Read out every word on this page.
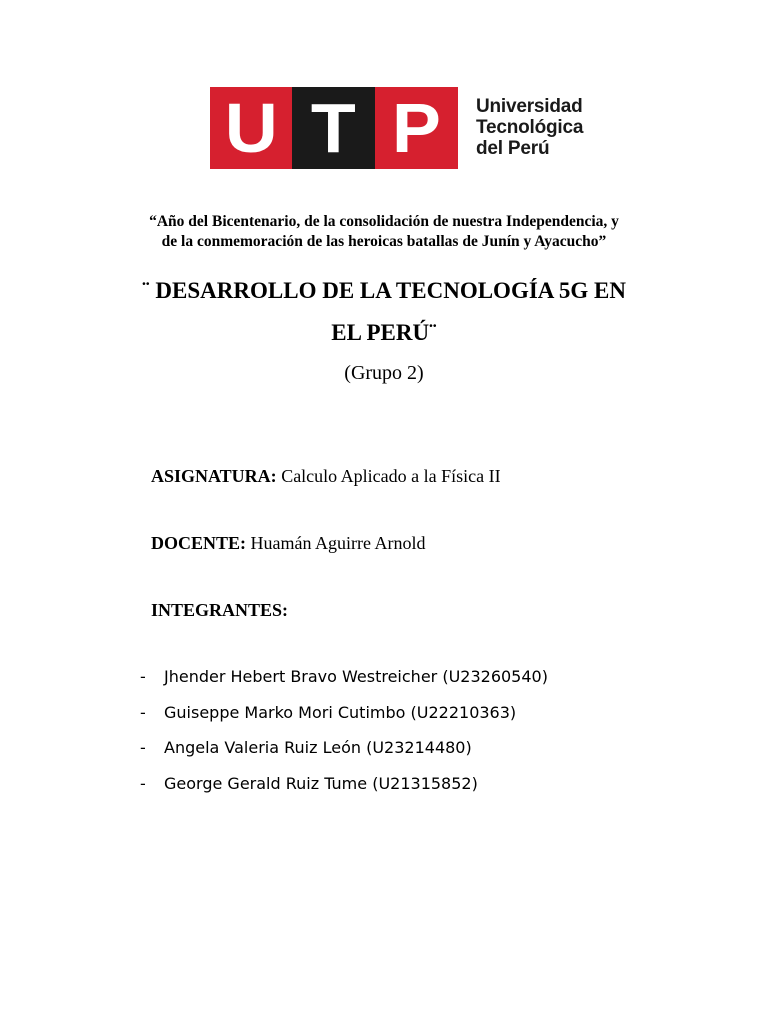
U T P Universidad
Tecnológica
del Perú
“Año del Bicentenario, de la consolidación de nuestra Independencia, y
de la conmemoración de las heroicas batallas de Junín y Ayacucho”
¨ DESARROLLO DE LA TECNOLOGÍA 5G EN
EL PERÚ¨
(Grupo 2)
ASIGNATURA: Calculo Aplicado a la Física II
DOCENTE: Huamán Aguirre Arnold
INTEGRANTES:
-	Jhender Hebert Bravo Westreicher (U23260540)
-	Guiseppe Marko Mori Cutimbo (U22210363)
-	Angela Valeria Ruiz León (U23214480)
-	George Gerald Ruiz Tume (U21315852)
